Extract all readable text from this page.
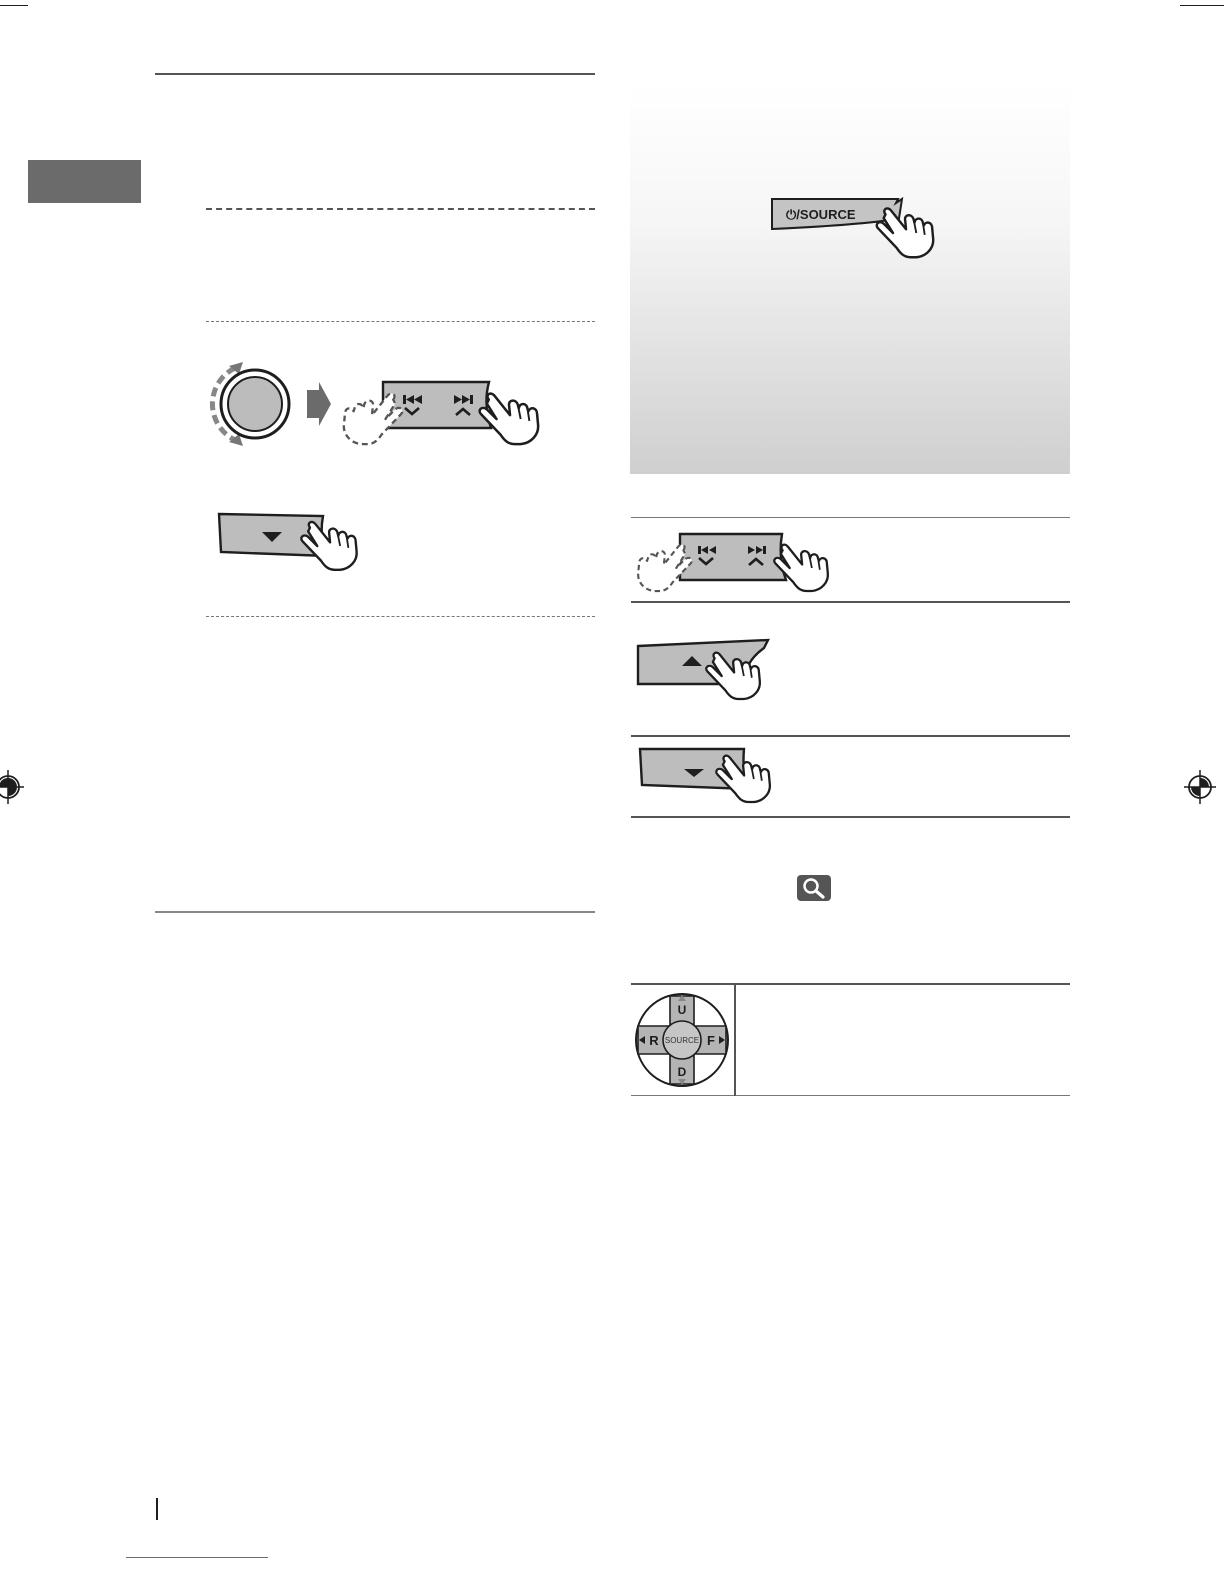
⏻/SOURCE
U
D
R	F
SOURCE
